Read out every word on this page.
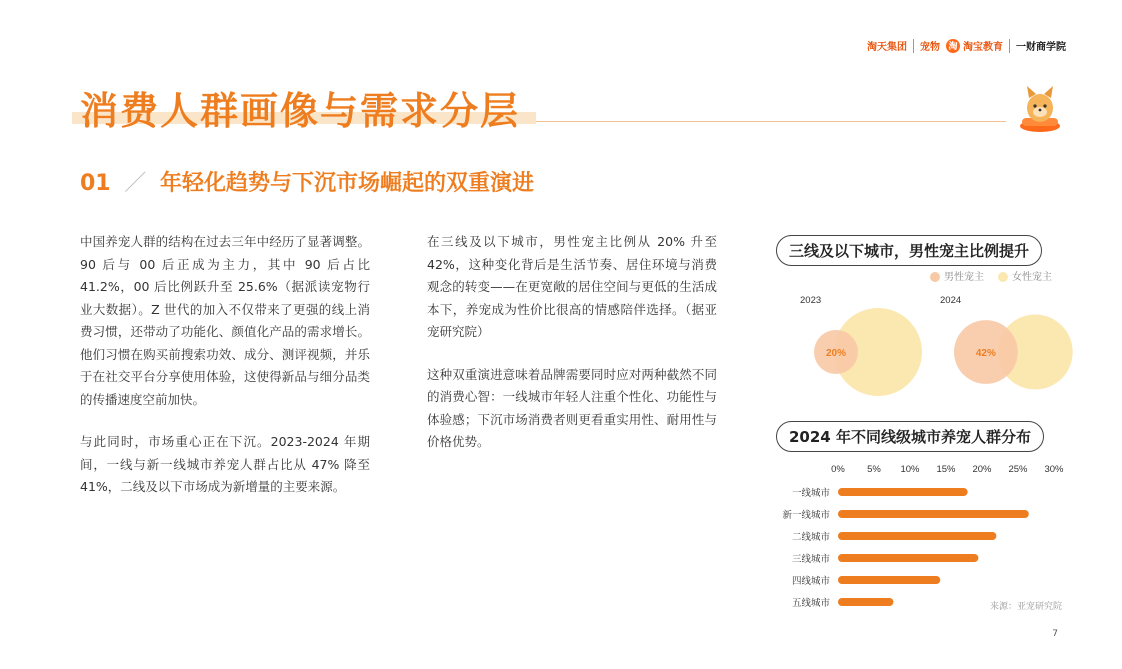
淘天集团 宠物 淘 淘宝教育 一财商学院
消费人群画像与需求分层
01 ／ 年轻化趋势与下沉市场崛起的双重演进

中国养宠人群的结构在过去三年中经历了显著调整。90 后与 00 后正成为主力，其中 90 后占比 41.2%，00 后比例跃升至 25.6%（据派读宠物行业大数据）。Z 世代的加入不仅带来了更强的线上消费习惯，还带动了功能化、颜值化产品的需求增长。他们习惯在购买前搜索功效、成分、测评视频，并乐于在社交平台分享使用体验，这使得新品与细分品类的传播速度空前加快。

与此同时，市场重心正在下沉。2023-2024 年期间，一线与新一线城市养宠人群占比从 47% 降至 41%，二线及以下市场成为新增量的主要来源。

在三线及以下城市，男性宠主比例从 20% 升至 42%，这种变化背后是生活节奏、居住环境与消费观念的转变——在更宽敞的居住空间与更低的生活成本下，养宠成为性价比很高的情感陪伴选择。（据亚宠研究院）

这种双重演进意味着品牌需要同时应对两种截然不同的消费心智：一线城市年轻人注重个性化、功能性与体验感；下沉市场消费者则更看重实用性、耐用性与价格优势。

三线及以下城市，男性宠主比例提升
男性宠主	女性宠主
2023
20%
2024
42%
2024 年不同线级城市养宠人群分布
0% 5% 10% 15% 20% 25% 30%
一线城市
新一线城市
二线城市
三线城市
四线城市
五线城市	来源：亚宠研究院
7
